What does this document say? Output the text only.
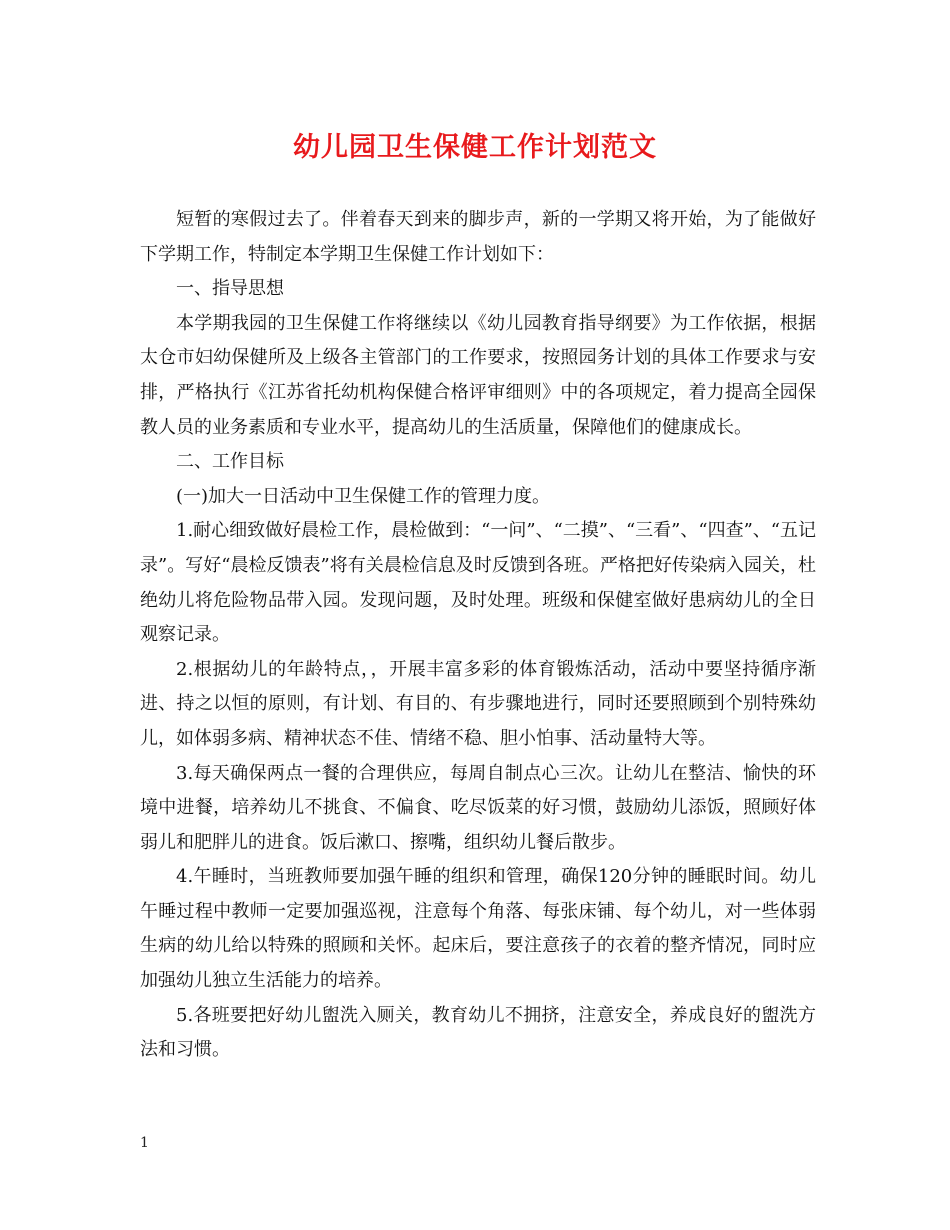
幼儿园卫生保健工作计划范文

短暂的寒假过去了。伴着春天到来的脚步声，新的一学期又将开始，为了能做好下学期工作，特制定本学期卫生保健工作计划如下：

一、指导思想

本学期我园的卫生保健工作将继续以《幼儿园教育指导纲要》为工作依据，根据太仓市妇幼保健所及上级各主管部门的工作要求，按照园务计划的具体工作要求与安排，严格执行《江苏省托幼机构保健合格评审细则》中的各项规定，着力提高全园保教人员的业务素质和专业水平，提高幼儿的生活质量，保障他们的健康成长。

二、工作目标

(一)加大一日活动中卫生保健工作的管理力度。

1.耐心细致做好晨检工作，晨检做到：“一问”、“二摸”、“三看”、“四查”、“五记录”。写好“晨检反馈表”将有关晨检信息及时反馈到各班。严格把好传染病入园关，杜绝幼儿将危险物品带入园。发现问题，及时处理。班级和保健室做好患病幼儿的全日观察记录。

2.根据幼儿的年龄特点，，开展丰富多彩的体育锻炼活动，活动中要坚持循序渐进、持之以恒的原则，有计划、有目的、有步骤地进行，同时还要照顾到个别特殊幼儿，如体弱多病、精神状态不佳、情绪不稳、胆小怕事、活动量特大等。

3.每天确保两点一餐的合理供应，每周自制点心三次。让幼儿在整洁、愉快的环境中进餐，培养幼儿不挑食、不偏食、吃尽饭菜的好习惯，鼓励幼儿添饭，照顾好体弱儿和肥胖儿的进食。饭后漱口、擦嘴，组织幼儿餐后散步。

4.午睡时，当班教师要加强午睡的组织和管理，确保120分钟的睡眠时间。幼儿午睡过程中教师一定要加强巡视，注意每个角落、每张床铺、每个幼儿，对一些体弱生病的幼儿给以特殊的照顾和关怀。起床后，要注意孩子的衣着的整齐情况，同时应加强幼儿独立生活能力的培养。

5.各班要把好幼儿盥洗入厕关，教育幼儿不拥挤，注意安全，养成良好的盥洗方法和习惯。

1
